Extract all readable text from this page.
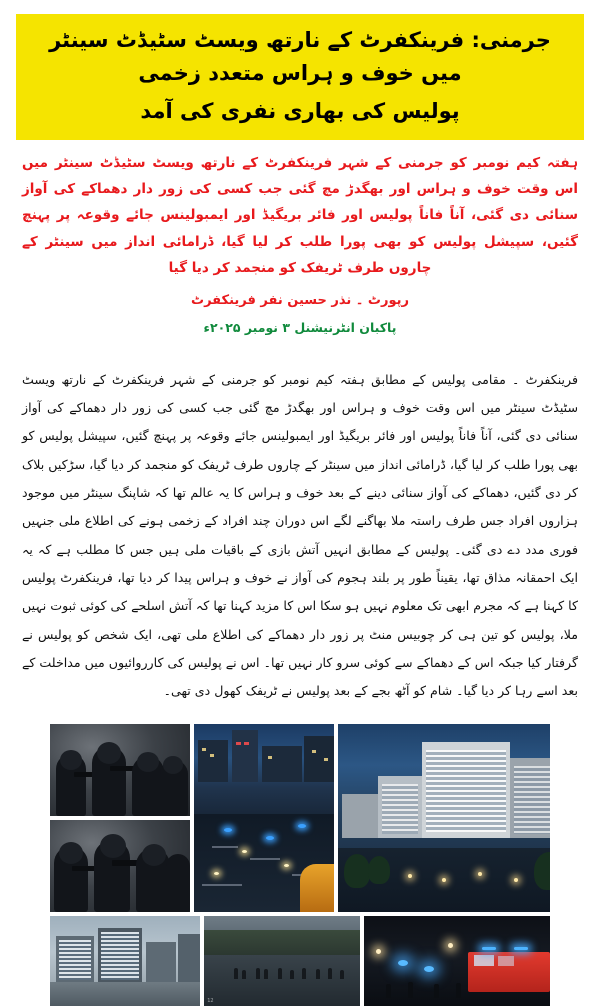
جرمنی: فرینکفرٹ کے نارتھ ویسٹ سٹیڈٹ سینٹر میں خوف و ہراس متعدد زخمی
پولیس کی بھاری نفری کی آمد
ہفتہ کیم نومبر کو جرمنی کے شہر فرینکفرٹ کے نارتھ ویسٹ سٹیڈٹ سینٹر میں اس وقت خوف و ہراس اور بھگدڑ مچ گئی جب کسی کی زور دار دھماکے کی آواز سنائی دی گئی، آناً فاناً پولیس اور فائر بریگیڈ اور ایمبولینس جائے وقوعہ پر پہنچ گئیں، سپیشل پولیس کو بھی پورا طلب کر لیا گیا، ڈرامائی انداز میں سینٹر کے چاروں طرف ٹریفک کو منجمد کر دیا گیا
رپورٹ ۔ نذر حسین نفر فرینکفرٹ
پاکبان انٹرنیشنل ۳ نومبر ۲۰۲۵ء
فرینکفرٹ ۔ مقامی پولیس کے مطابق ہفتہ کیم نومبر کو جرمنی کے شہر فرینکفرٹ کے نارتھ ویسٹ سٹیڈٹ سینٹر میں اس وقت خوف و ہراس اور بھگدڑ مچ گئی جب کسی کی زور دار دھماکے کی آواز سنائی دی گئی، آناً فاناً پولیس اور فائر بریگیڈ اور ایمبولینس جائے وقوعہ پر پہنچ گئیں، سپیشل پولیس کو بھی پورا طلب کر لیا گیا، ڈرامائی انداز میں سینٹر کے چاروں طرف ٹریفک کو منجمد کر دیا گیا، سڑکیں بلاک کر دی گئیں، دھماکے کی آواز سنائی دینے کے بعد خوف و ہراس کا یہ عالم تھا کہ شاپنگ سینٹر میں موجود ہزاروں افراد جس طرف راستہ ملا بھاگنے لگے اس دوران چند افراد کے زخمی ہونے کی اطلاع ملی جنہیں فوری مدد دے دی گئی۔ پولیس کے مطابق انہیں آتش بازی کے باقیات ملی ہیں جس کا مطلب ہے کہ یہ ایک احمقانہ مذاق تھا، یقیناً طور پر بلند ہجوم کی آواز نے خوف و ہراس پیدا کر دیا تھا، فرینکفرٹ پولیس کا کہنا ہے کہ مجرم ابھی تک معلوم نہیں ہو سکا اس کا مزید کہنا تھا کہ آتش اسلحے کی کوئی ثبوت نہیں ملا، پولیس کو تین ہی کر چوبیس منٹ پر زور دار دھماکے کی اطلاع ملی تھی، ایک شخص کو پولیس نے گرفتار کیا جبکہ اس کے دھماکے سے کوئی سرو کار نہیں تھا۔ اس نے پولیس کی کارروائیوں میں مداخلت کے بعد اسے رہا کر دیا گیا۔ شام کو آٹھ بجے کے بعد پولیس نے ٹریفک کھول دی تھی۔
12
